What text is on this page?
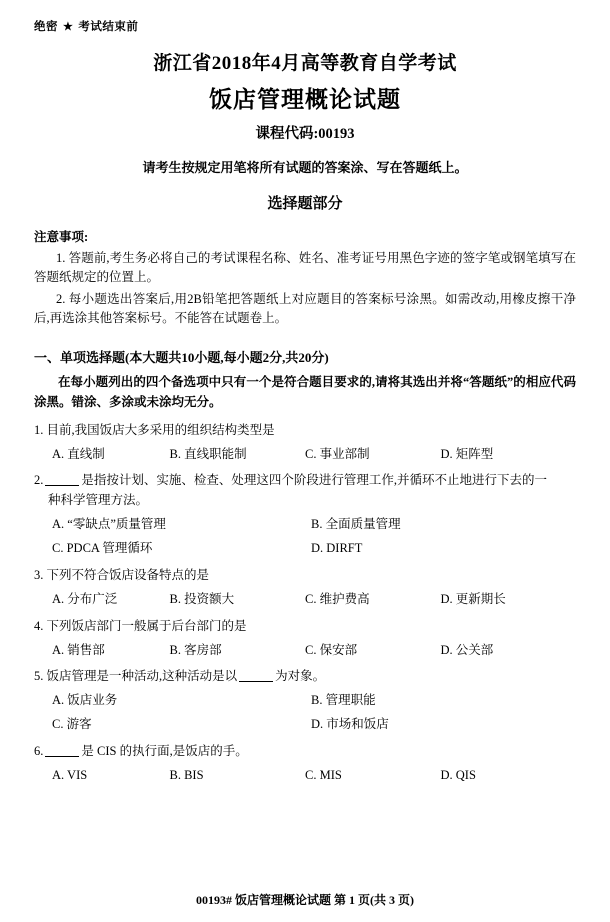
绝密 ★ 考试结束前
浙江省2018年4月高等教育自学考试
饭店管理概论试题
课程代码:00193
请考生按规定用笔将所有试题的答案涂、写在答题纸上。
选择题部分
注意事项:
1. 答题前,考生务必将自己的考试课程名称、姓名、准考证号用黑色字迹的签字笔或钢笔填写在答题纸规定的位置上。
2. 每小题选出答案后,用2B铅笔把答题纸上对应题目的答案标号涂黑。如需改动,用橡皮擦干净后,再选涂其他答案标号。不能答在试题卷上。
一、单项选择题(本大题共10小题,每小题2分,共20分)
在每小题列出的四个备选项中只有一个是符合题目要求的,请将其选出并将“答题纸”的相应代码涂黑。错涂、多涂或未涂均无分。
1. 目前,我国饭店大多采用的组织结构类型是
A. 直线制	B. 直线职能制	C. 事业部制	D. 矩阵型
2.	是指按计划、实施、检查、处理这四个阶段进行管理工作,并循环不止地进行下去的一
种科学管理方法。
A. “零缺点”质量管理	B. 全面质量管理
C. PDCA 管理循环	D. DIRFT
3. 下列不符合饭店设备特点的是
A. 分布广泛	B. 投资额大	C. 维护费高	D. 更新期长
4. 下列饭店部门一般属于后台部门的是
A. 销售部	B. 客房部	C. 保安部	D. 公关部
5. 饭店管理是一种活动,这种活动是以	为对象。
A. 饭店业务	B. 管理职能
C. 游客	D. 市场和饭店
6.	是 CIS 的执行面,是饭店的手。
A. VIS	B. BIS	C. MIS	D. QIS
00193# 饭店管理概论试题 第 1 页(共 3 页)
